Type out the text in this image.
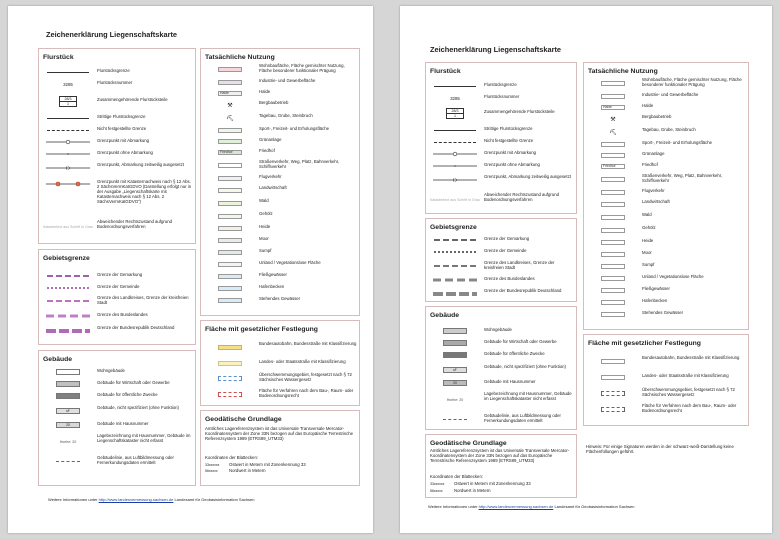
Zeichenerklärung Liegenschaftskarte
Flurstück
Flurstücksgrenze
3285	Flurstücksnummer
28/3
1
Zusammengehörende Flurstücksteile
Strittige Flurstücksgrenze
Nicht festgestellte Grenze
Grenzpunkt mit Abmarkung
Grenzpunkt ohne Abmarkung
Grenzpunkt, Abmarkung zeitweilig ausgesetzt
Grenzpunkt mit Katasternachweis nach § 12 Abs. 2 SächsVermKatGDVO (Darstellung erfolgt nur in der Ausgabe „Liegenschaftskarte mit Katasternachweis nach § 12 Abs. 2 SächsVermKatGDVO“)
Katastertext aus Schrift in Grau
Abweichender Rechtszustand aufgrund Bodenordnungsverfahren
Gebietsgrenze
Grenze der Gemarkung
Grenze der Gemeinde
Grenze des Landkreises, Grenze der kreisfreien Stadt
Grenze des Bundeslandes
Grenze der Bundesrepublik Deutschland
Gebäude
Wohngebäude
Gebäude für Wirtschaft oder Gewerbe
Gebäude für öffentliche Zwecke
sF
Gebäude, nicht spezifiziert (ohne Funktion)
20	Gebäude mit Hausnummer
Hoehe: 20
Lagebezeichnung mit Hausnummer, Gebäude im Liegenschaftskataster nicht erfasst
Gebäudelinie, aus Luftbildmessung oder Fernerkundungsdaten ermittelt
Tatsächliche Nutzung
Wohnbaufläche, Fläche gemischter Nutzung, Fläche besonderer funktionaler Prägung
Industrie- und Gewerbefläche
Halde	Halde
⚒	Bergbaubetrieb
⛏	Tagebau, Grube, Steinbruch
Sport-, Freizeit- und Erholungsfläche
Grünanlage
Friedhof	Friedhof
Straßenverkehr, Weg, Platz, Bahnverkehr, Schiffsverkehr
Flugverkehr
Landwirtschaft
Wald
Gehölz
Heide
Moor
Sumpf
Unland / Vegetationslose Fläche
Fließgewässer
Hafenbecken
Stehendes Gewässer
Fläche mit gesetzlicher Festlegung
Bundesautobahn, Bundesstraße mit Klassifizierung
Landes- oder Staatsstraße mit Klassifizierung
Überschwemmungsgebiet, festgesetzt nach § 72 Sächsisches Wassergesetz
Fläche für Verfahren nach dem Bau-, Raum- oder Bodenordnungsrecht
Geodätische Grundlage
Amtliches Lagereferenzsystem ist das Universale Transversale Mercator-Koordinatensystem der Zone 33N bezogen auf das Europäische Terrestrische Referenzsystem 1989 (ETRS89_UTM33)
Koordinaten der Blattecken:
33xxxxxx Ostwert in Metern mit Zonenkennung 33
56xxxxx	Nordwert in Metern
Weitere Informationen unter http://www.landesvermessung.sachsen.de Landesamt für Geobasisinformation Sachsen
Zeichenerklärung Liegenschaftskarte
Flurstück
Flurstücksgrenze
3285	Flurstücksnummer
28/3
1
Zusammengehörende Flurstücksteile
Strittige Flurstücksgrenze
Nicht festgestellte Grenze
Grenzpunkt mit Abmarkung
Grenzpunkt ohne Abmarkung
Grenzpunkt, Abmarkung zeitweilig ausgesetzt
Katastertext aus Schrift in Grau
Abweichender Rechtszustand aufgrund Bodenordnungsverfahren
Gebietsgrenze
Grenze der Gemarkung
Grenze der Gemeinde
Grenze des Landkreises, Grenze der kreisfreien Stadt
Grenze des Bundeslandes
Grenze der Bundesrepublik Deutschland
Gebäude
Wohngebäude
Gebäude für Wirtschaft oder Gewerbe
Gebäude für öffentliche Zwecke
sF
Gebäude, nicht spezifiziert (ohne Funktion)
20	Gebäude mit Hausnummer
Hoehe: 20
Lagebezeichnung mit Hausnummer, Gebäude im Liegenschaftskataster nicht erfasst
Gebäudelinie, aus Luftbildmessung oder Fernerkundungsdaten ermittelt
Geodätische Grundlage
Amtliches Lagereferenzsystem ist das Universale Transversale Mercator-Koordinatensystem der Zone 33N bezogen auf das Europäische Terrestrische Referenzsystem 1989 (ETRS89_UTM33)
Koordinaten der Blattecken:
33xxxxxx Ostwert in Metern mit Zonenkennung 33
56xxxxx	Nordwert in Metern
Tatsächliche Nutzung
Wohnbaufläche, Fläche gemischter Nutzung, Fläche besonderer funktionaler Prägung
Industrie- und Gewerbefläche
Halde	Halde
⚒	Bergbaubetrieb
⛏	Tagebau, Grube, Steinbruch
Sport-, Freizeit- und Erholungsfläche
Grünanlage
Friedhof	Friedhof
Straßenverkehr, Weg, Platz, Bahnverkehr, Schiffsverkehr
Flugverkehr
Landwirtschaft
Wald
Gehölz
Heide
Moor
Sumpf
Unland / Vegetationslose Fläche
Fließgewässer
Hafenbecken
Stehendes Gewässer
Fläche mit gesetzlicher Festlegung
Bundesautobahn, Bundesstraße mit Klassifizierung
Landes- oder Staatsstraße mit Klassifizierung
Überschwemmungsgebiet, festgesetzt nach § 72 Sächsisches Wassergesetz
Fläche für Verfahren nach dem Bau-, Raum- oder Bodenordnungsrecht
Hinweis: Für einige Signaturen werden in der schwarz-weiß-Darstellung keine Flächenfüllungen geführt.
Weitere Informationen unter http://www.landesvermessung.sachsen.de Landesamt für Geobasisinformation Sachsen
